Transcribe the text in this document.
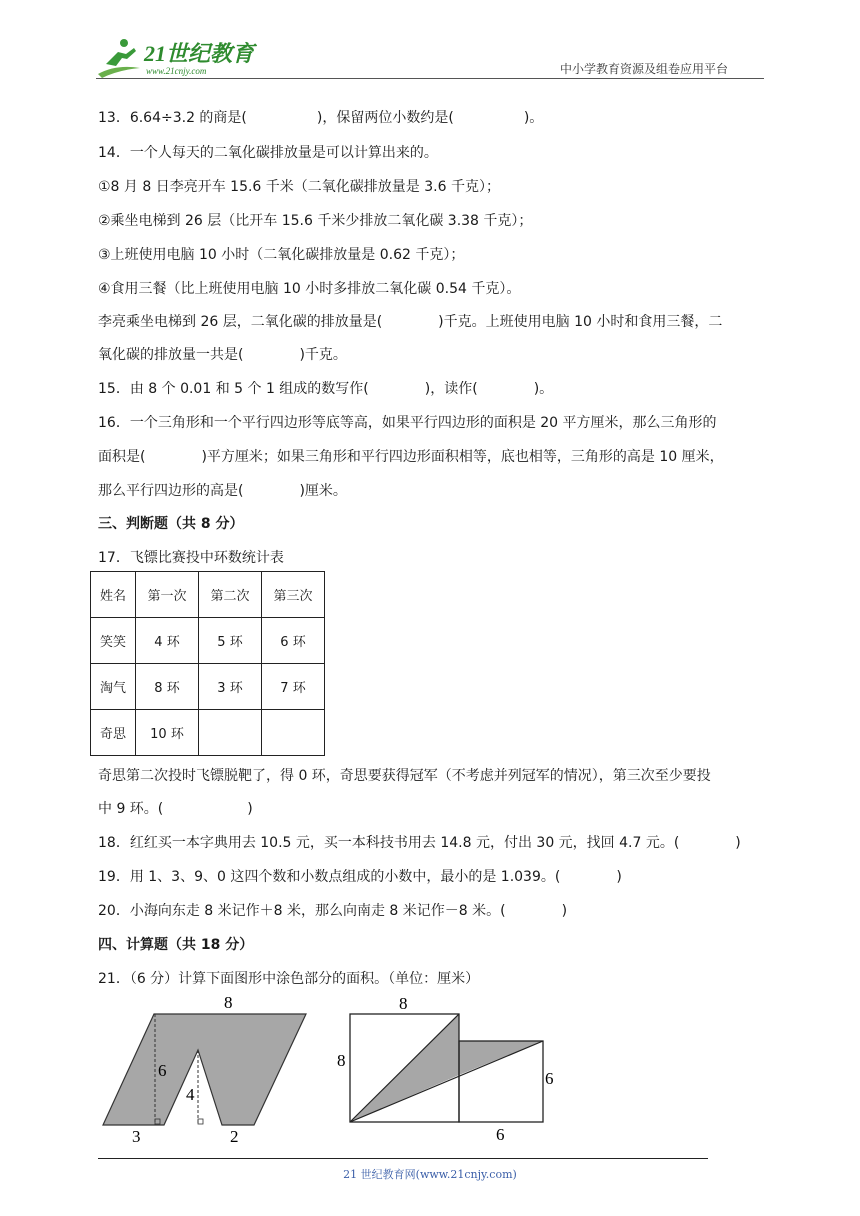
21世纪教育
www.21cnjy.com	中小学教育资源及组卷应用平台
13．6.64÷3.2 的商是(　　　　　)，保留两位小数约是(　　　　　)。
14．一个人每天的二氧化碳排放量是可以计算出来的。
①8 月 8 日李亮开车 15.6 千米（二氧化碳排放量是 3.6 千克）；
②乘坐电梯到 26 层（比开车 15.6 千米少排放二氧化碳 3.38 千克）；
③上班使用电脑 10 小时（二氧化碳排放量是 0.62 千克）；
④食用三餐（比上班使用电脑 10 小时多排放二氧化碳 0.54 千克）。
李亮乘坐电梯到 26 层，二氧化碳的排放量是(　　　　)千克。上班使用电脑 10 小时和食用三餐，二
氧化碳的排放量一共是(　　　　)千克。
15．由 8 个 0.01 和 5 个 1 组成的数写作(　　　　)，读作(　　　　)。
16．一个三角形和一个平行四边形等底等高，如果平行四边形的面积是 20 平方厘米，那么三角形的
面积是(　　　　)平方厘米；如果三角形和平行四边形面积相等，底也相等，三角形的高是 10 厘米，
那么平行四边形的高是(　　　　)厘米。
三、判断题（共 8 分）
17．飞镖比赛投中环数统计表
姓名	第一次	第二次	第三次
笑笑	4 环	5 环	6 环
淘气	8 环	3 环	7 环
奇思	10 环		
奇思第二次投时飞镖脱靶了，得 0 环，奇思要获得冠军（不考虑并列冠军的情况），第三次至少要投
中 9 环。(　　　　　　)
18．红红买一本字典用去 10.5 元，买一本科技书用去 14.8 元，付出 30 元，找回 4.7 元。(　　　　)
19．用 1、3、9、0 这四个数和小数点组成的小数中，最小的是 1.039。(　　　　)
20．小海向东走 8 米记作＋8 米，那么向南走 8 米记作－8 米。(　　　　)
四、计算题（共 18 分）
21．（6 分）计算下面图形中涂色部分的面积。（单位：厘米）
8
6
4
3	2
8
8
6
6
21 世纪教育网(www.21cnjy.com)
